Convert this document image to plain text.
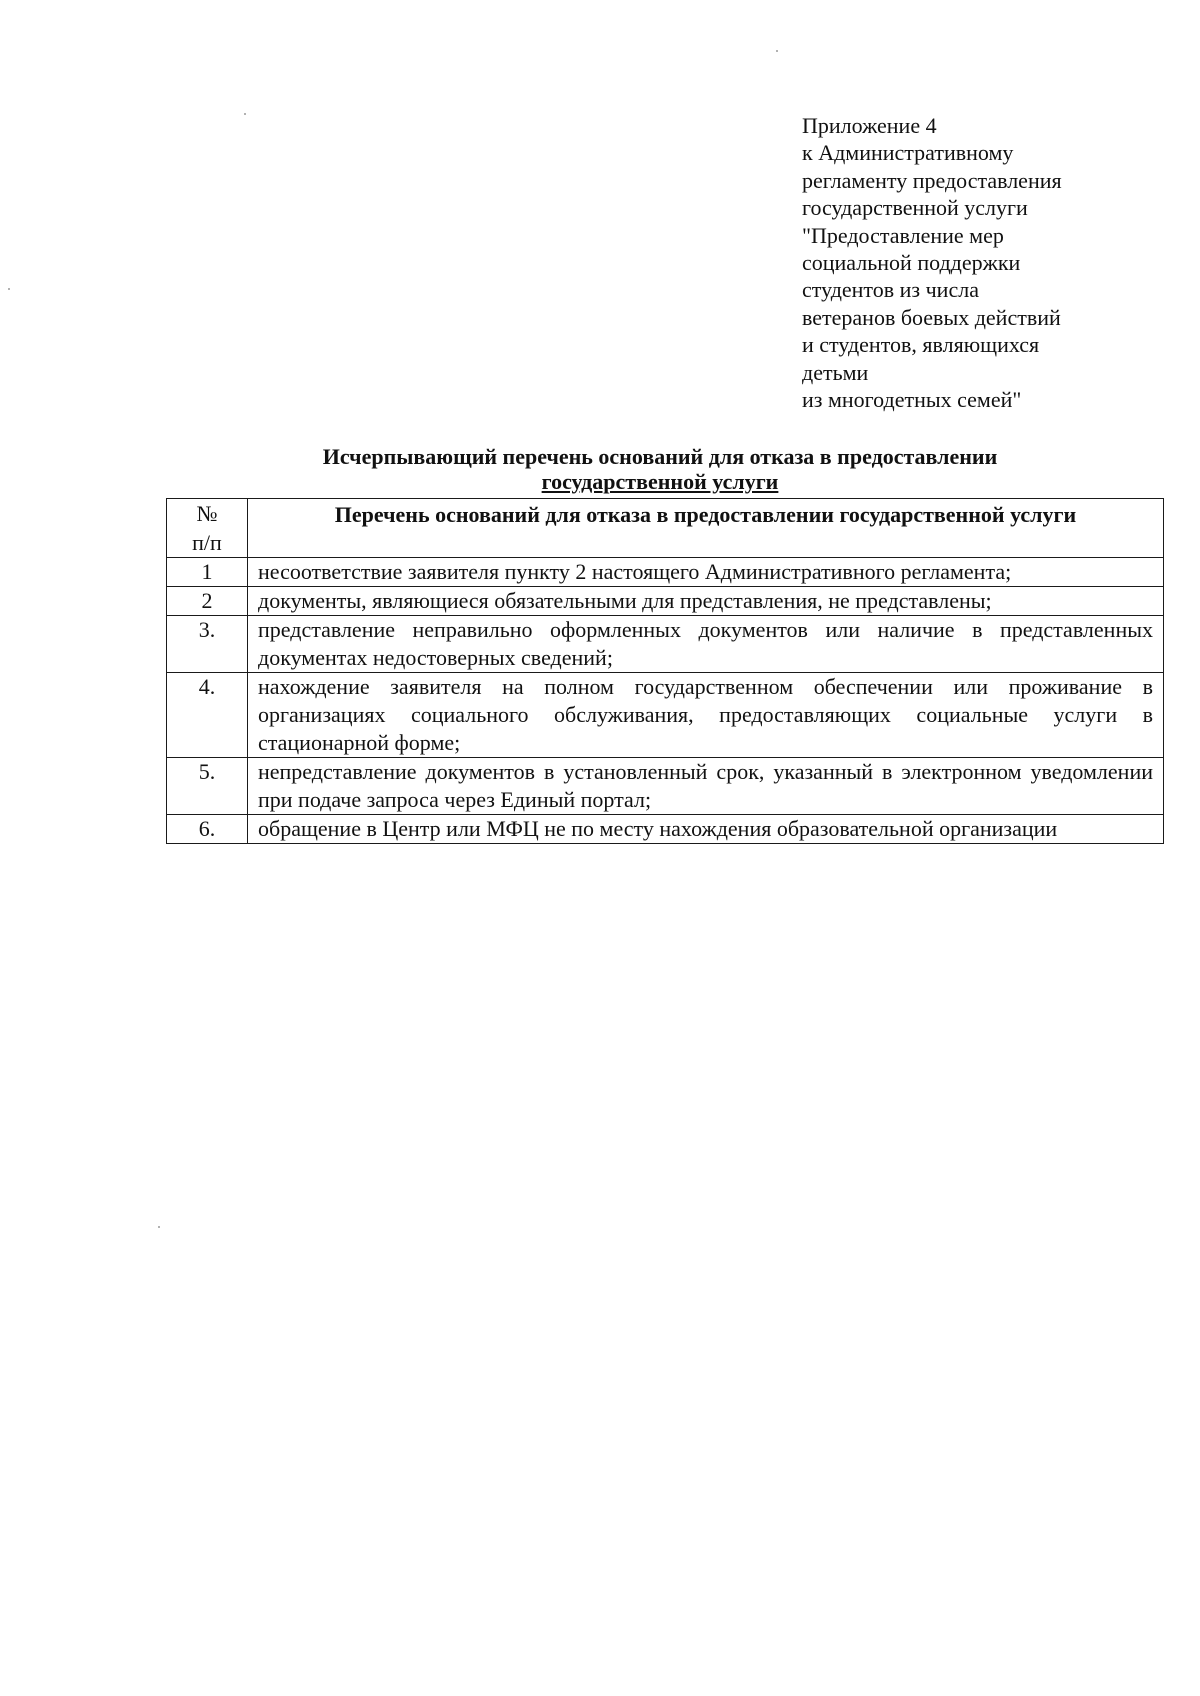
Приложение 4
к Административному
регламенту предоставления
государственной услуги
"Предоставление мер
социальной поддержки
студентов из числа
ветеранов боевых действий
и студентов, являющихся
детьми
из многодетных семей"
Исчерпывающий перечень оснований для отказа в предоставлении
государственной услуги
№
п/п	Перечень оснований для отказа в предоставлении государственной услуги
1	несоответствие заявителя пункту 2 настоящего Административного регламента;
2	документы, являющиеся обязательными для представления, не представлены;
3.	представление неправильно оформленных документов или наличие в представленных документах недостоверных сведений;
4.	нахождение заявителя на полном государственном обеспечении или проживание в организациях социального обслуживания, предоставляющих социальные услуги в стационарной форме;
5.	непредставление документов в установленный срок, указанный в электронном уведомлении при подаче запроса через Единый портал;
6.	обращение в Центр или МФЦ не по месту нахождения образовательной организации
